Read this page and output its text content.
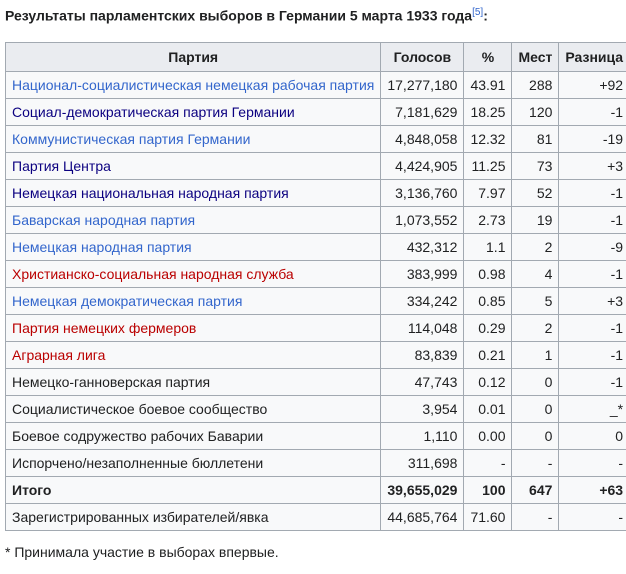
Результаты парламентских выборов в Германии 5 марта 1933 года[5]:
Партия	Голосов	%	Мест	Разница
Национал-социалистическая немецкая рабочая партия	17,277,180	43.91	288	+92
Социал-демократическая партия Германии	7,181,629	18.25	120	-1
Коммунистическая партия Германии	4,848,058	12.32	81	-19
Партия Центра	4,424,905	11.25	73	+3
Немецкая национальная народная партия	3,136,760	7.97	52	-1
Баварская народная партия	1,073,552	2.73	19	-1
Немецкая народная партия	432,312	1.1	2	-9
Христианско-социальная народная служба	383,999	0.98	4	-1
Немецкая демократическая партия	334,242	0.85	5	+3
Партия немецких фермеров	114,048	0.29	2	-1
Аграрная лига	83,839	0.21	1	-1
Немецко-ганноверская партия	47,743	0.12	0	-1
Социалистическое боевое сообщество	3,954	0.01	0	_*
Боевое содружество рабочих Баварии	1,110	0.00	0	0
Испорчено/незаполненные бюллетени	311,698	-	-	-
Итого	39,655,029	100	647	+63
Зарегистрированных избирателей/явка	44,685,764	71.60	-	-
* Принимала участие в выборах впервые.
